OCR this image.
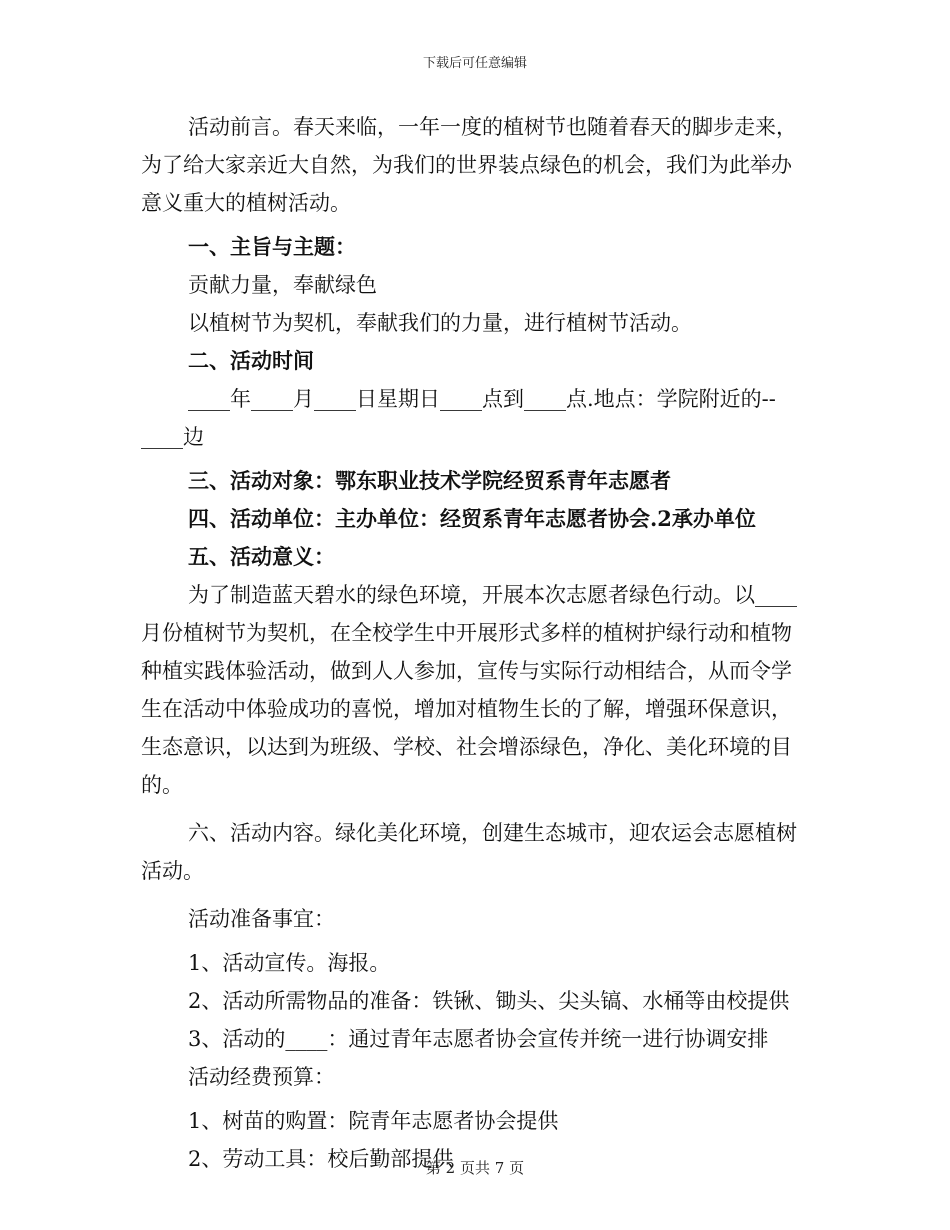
下载后可任意编辑

活动前言。春天来临，一年一度的植树节也随着春天的脚步走来，为了给大家亲近大自然，为我们的世界装点绿色的机会，我们为此举办意义重大的植树活动。

一、主旨与主题：

贡献力量，奉献绿色

以植树节为契机，奉献我们的力量，进行植树节活动。

二、活动时间

____年____月____日星期日____点到____点.地点：学院附近的--____边

三、活动对象：鄂东职业技术学院经贸系青年志愿者

四、活动单位：主办单位：经贸系青年志愿者协会.2承办单位

五、活动意义：

为了制造蓝天碧水的绿色环境，开展本次志愿者绿色行动。以____月份植树节为契机，在全校学生中开展形式多样的植树护绿行动和植物种植实践体验活动，做到人人参加，宣传与实际行动相结合，从而令学生在活动中体验成功的喜悦，增加对植物生长的了解，增强环保意识，生态意识，以达到为班级、学校、社会增添绿色，净化、美化环境的目的。

六、活动内容。绿化美化环境，创建生态城市，迎农运会志愿植树活动。

活动准备事宜：

1、活动宣传。海报。

2、活动所需物品的准备：铁锹、锄头、尖头镐、水桶等由校提供

3、活动的____：通过青年志愿者协会宣传并统一进行协调安排

活动经费预算：

1、树苗的购置：院青年志愿者协会提供

2、劳动工具：校后勤部提供

第 2 页共 7 页
